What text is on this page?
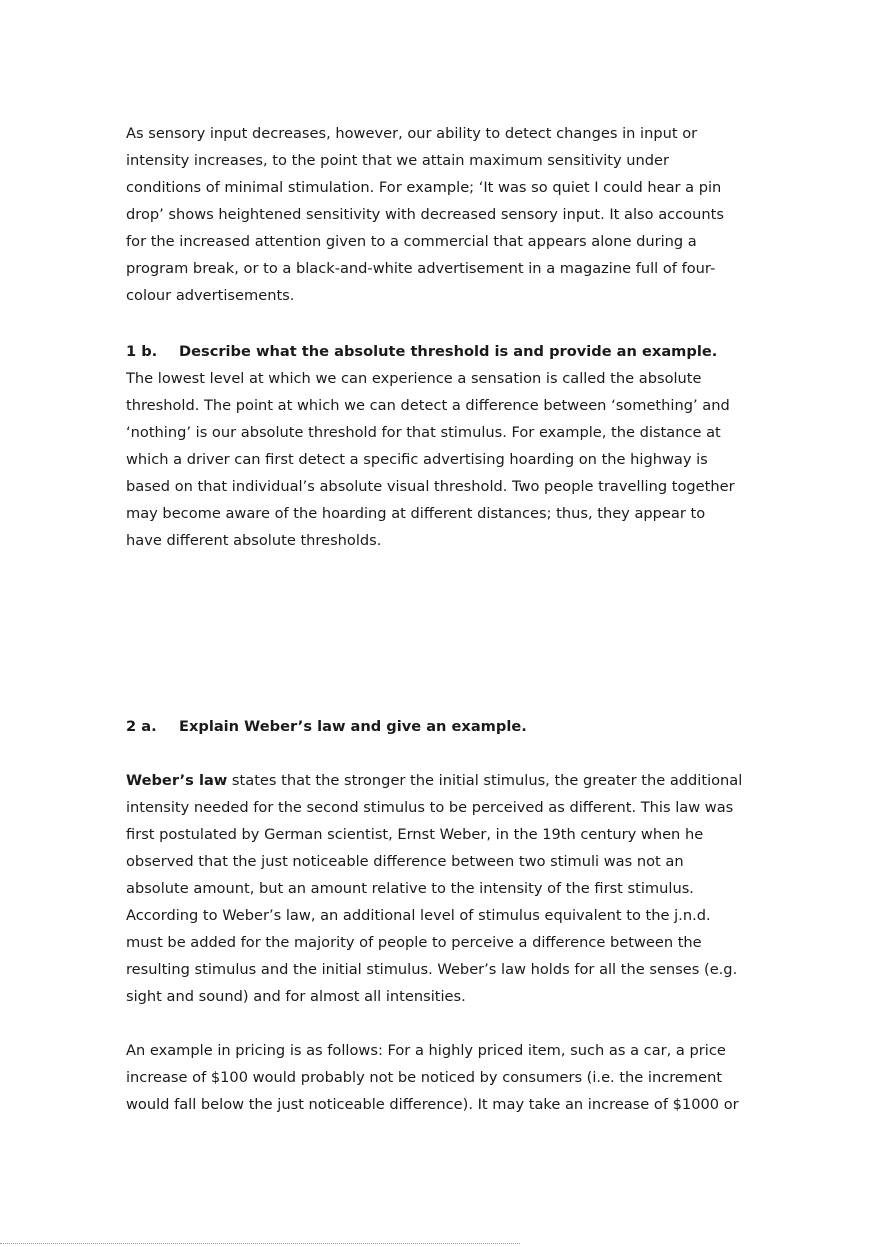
As sensory input decreases, however, our ability to detect changes in input or
intensity increases, to the point that we attain maximum sensitivity under
conditions of minimal stimulation. For example; ‘It was so quiet I could hear a pin
drop’ shows heightened sensitivity with decreased sensory input. It also accounts
for the increased attention given to a commercial that appears alone during a
program break, or to a black-and-white advertisement in a magazine full of four-
colour advertisements.

1 b. Describe what the absolute threshold is and provide an example.

The lowest level at which we can experience a sensation is called the absolute
threshold. The point at which we can detect a difference between ‘something’ and
‘nothing’ is our absolute threshold for that stimulus. For example, the distance at
which a driver can first detect a specific advertising hoarding on the highway is
based on that individual’s absolute visual threshold. Two people travelling together
may become aware of the hoarding at different distances; thus, they appear to
have different absolute thresholds.

2 a. Explain Weber’s law and give an example.

Weber’s law states that the stronger the initial stimulus, the greater the additional
intensity needed for the second stimulus to be perceived as different. This law was
first postulated by German scientist, Ernst Weber, in the 19th century when he
observed that the just noticeable difference between two stimuli was not an
absolute amount, but an amount relative to the intensity of the first stimulus.
According to Weber’s law, an additional level of stimulus equivalent to the j.n.d.
must be added for the majority of people to perceive a difference between the
resulting stimulus and the initial stimulus. Weber’s law holds for all the senses (e.g.
sight and sound) and for almost all intensities.

An example in pricing is as follows: For a highly priced item, such as a car, a price
increase of $100 would probably not be noticed by consumers (i.e. the increment
would fall below the just noticeable difference). It may take an increase of $1000 or
